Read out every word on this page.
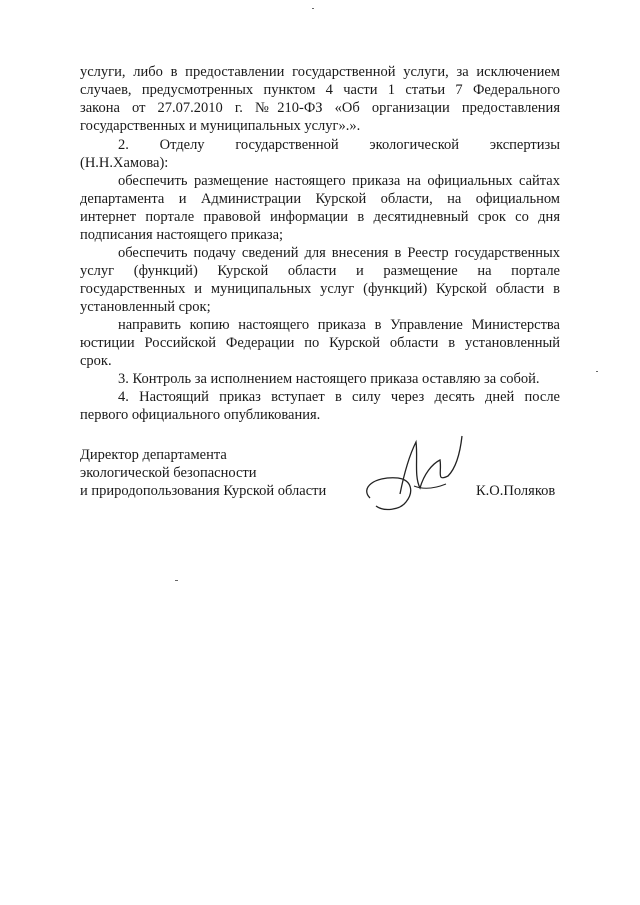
услуги, либо в предоставлении государственной услуги, за исключением
случаев, предусмотренных пунктом 4 части 1 статьи 7 Федерального
закона от 27.07.2010 г. №210-ФЗ «Об организации предоставления
государственных и муниципальных услуг».».
2. Отделу государственной экологической экспертизы
(Н.Н.Хамова):
обеспечить размещение настоящего приказа на официальных сайтах
департамента и Администрации Курской области, на официальном
интернет портале правовой информации в десятидневный срок со дня
подписания настоящего приказа;
обеспечить подачу сведений для внесения в Реестр государственных
услуг (функций) Курской области и размещение на портале
государственных и муниципальных услуг (функций) Курской области в
установленный срок;
направить копию настоящего приказа в Управление Министерства
юстиции Российской Федерации по Курской области в установленный
срок.
3. Контроль за исполнением настоящего приказа оставляю за собой.
4. Настоящий приказ вступает в силу через десять дней после
первого официального опубликования.
Директор департамента
экологической безопасности
и природопользования Курской области	К.О.Поляков
